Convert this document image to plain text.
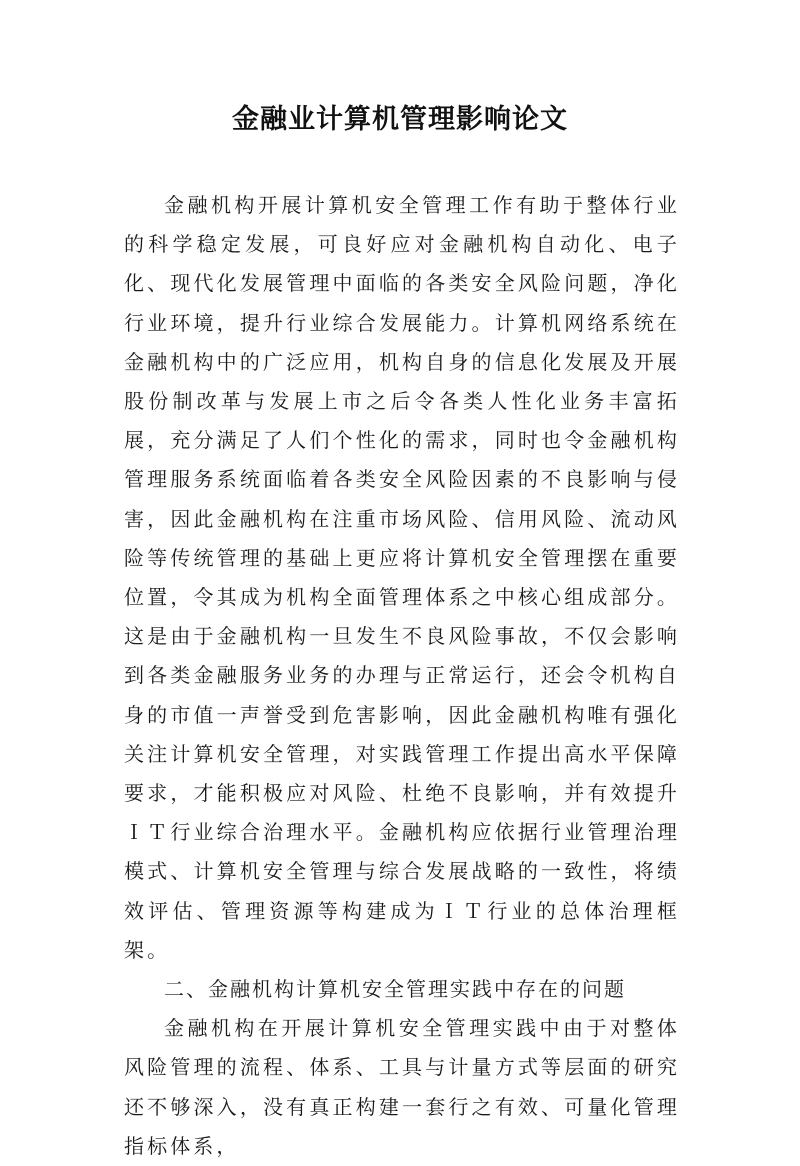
金融业计算机管理影响论文

金融机构开展计算机安全管理工作有助于整体行业的科学稳定发展，可良好应对金融机构自动化、电子化、现代化发展管理中面临的各类安全风险问题，净化行业环境，提升行业综合发展能力。计算机网络系统在金融机构中的广泛应用，机构自身的信息化发展及开展股份制改革与发展上市之后令各类人性化业务丰富拓展，充分满足了人们个性化的需求，同时也令金融机构管理服务系统面临着各类安全风险因素的不良影响与侵害，因此金融机构在注重市场风险、信用风险、流动风险等传统管理的基础上更应将计算机安全管理摆在重要位置，令其成为机构全面管理体系之中核心组成部分。这是由于金融机构一旦发生不良风险事故，不仅会影响到各类金融服务业务的办理与正常运行，还会令机构自身的市值一声誉受到危害影响，因此金融机构唯有强化关注计算机安全管理，对实践管理工作提出高水平保障要求，才能积极应对风险、杜绝不良影响，并有效提升ＩＴ行业综合治理水平。金融机构应依据行业管理治理模式、计算机安全管理与综合发展战略的一致性，将绩效评估、管理资源等构建成为ＩＴ行业的总体治理框架。

二、金融机构计算机安全管理实践中存在的问题

金融机构在开展计算机安全管理实践中由于对整体风险管理的流程、体系、工具与计量方式等层面的研究还不够深入，没有真正构建一套行之有效、可量化管理指标体系，
